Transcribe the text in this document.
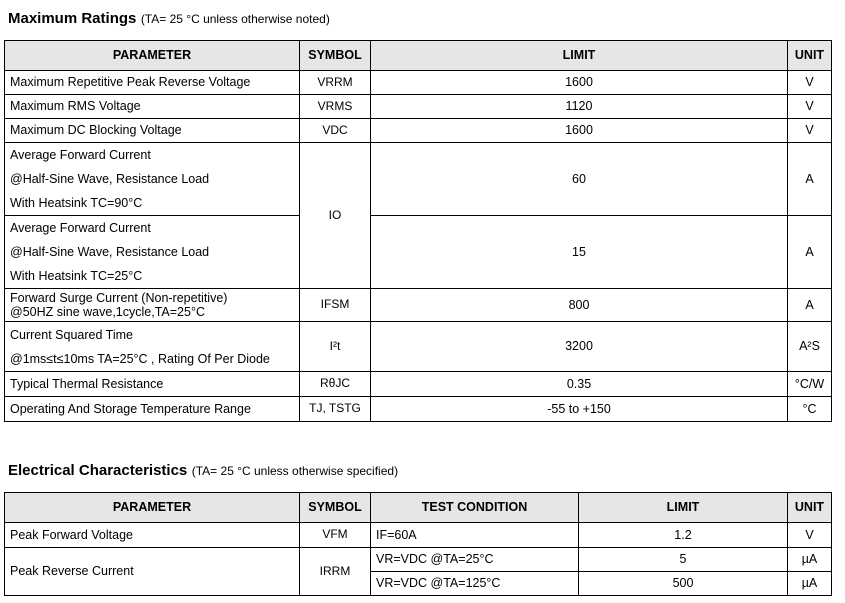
Maximum Ratings (TA= 25 °C unless otherwise noted)
PARAMETER	SYMBOL	LIMIT	UNIT
Maximum Repetitive Peak Reverse Voltage	VRRM	1600	V
Maximum RMS Voltage	VRMS	1120	V
Maximum DC Blocking Voltage	VDC	1600	V

Average Forward Current
@Half-Sine Wave, Resistance Load
With Heatsink TC=90°C	IO	60	A

Average Forward Current
@Half-Sine Wave, Resistance Load
With Heatsink TC=25°C		15	A

Forward Surge Current (Non-repetitive)
@50HZ sine wave,1cycle,TA=25°C	IFSM	800	A

Current Squared Time
@1ms≤t≤10ms TA=25°C , Rating Of Per Diode	I²t	3200	A²S
Typical Thermal Resistance	RθJC	0.35	°C/W
Operating And Storage Temperature Range	TJ, TSTG	-55 to +150	°C
Electrical Characteristics (TA= 25 °C unless otherwise specified)
PARAMETER	SYMBOL	TEST CONDITION	LIMIT	UNIT
Peak Forward Voltage	VFM	IF=60A	1.2	V
Peak Reverse Current	IRRM	VR=VDC @TA=25°C	5	µA
		VR=VDC @TA=125°C	500	µA
